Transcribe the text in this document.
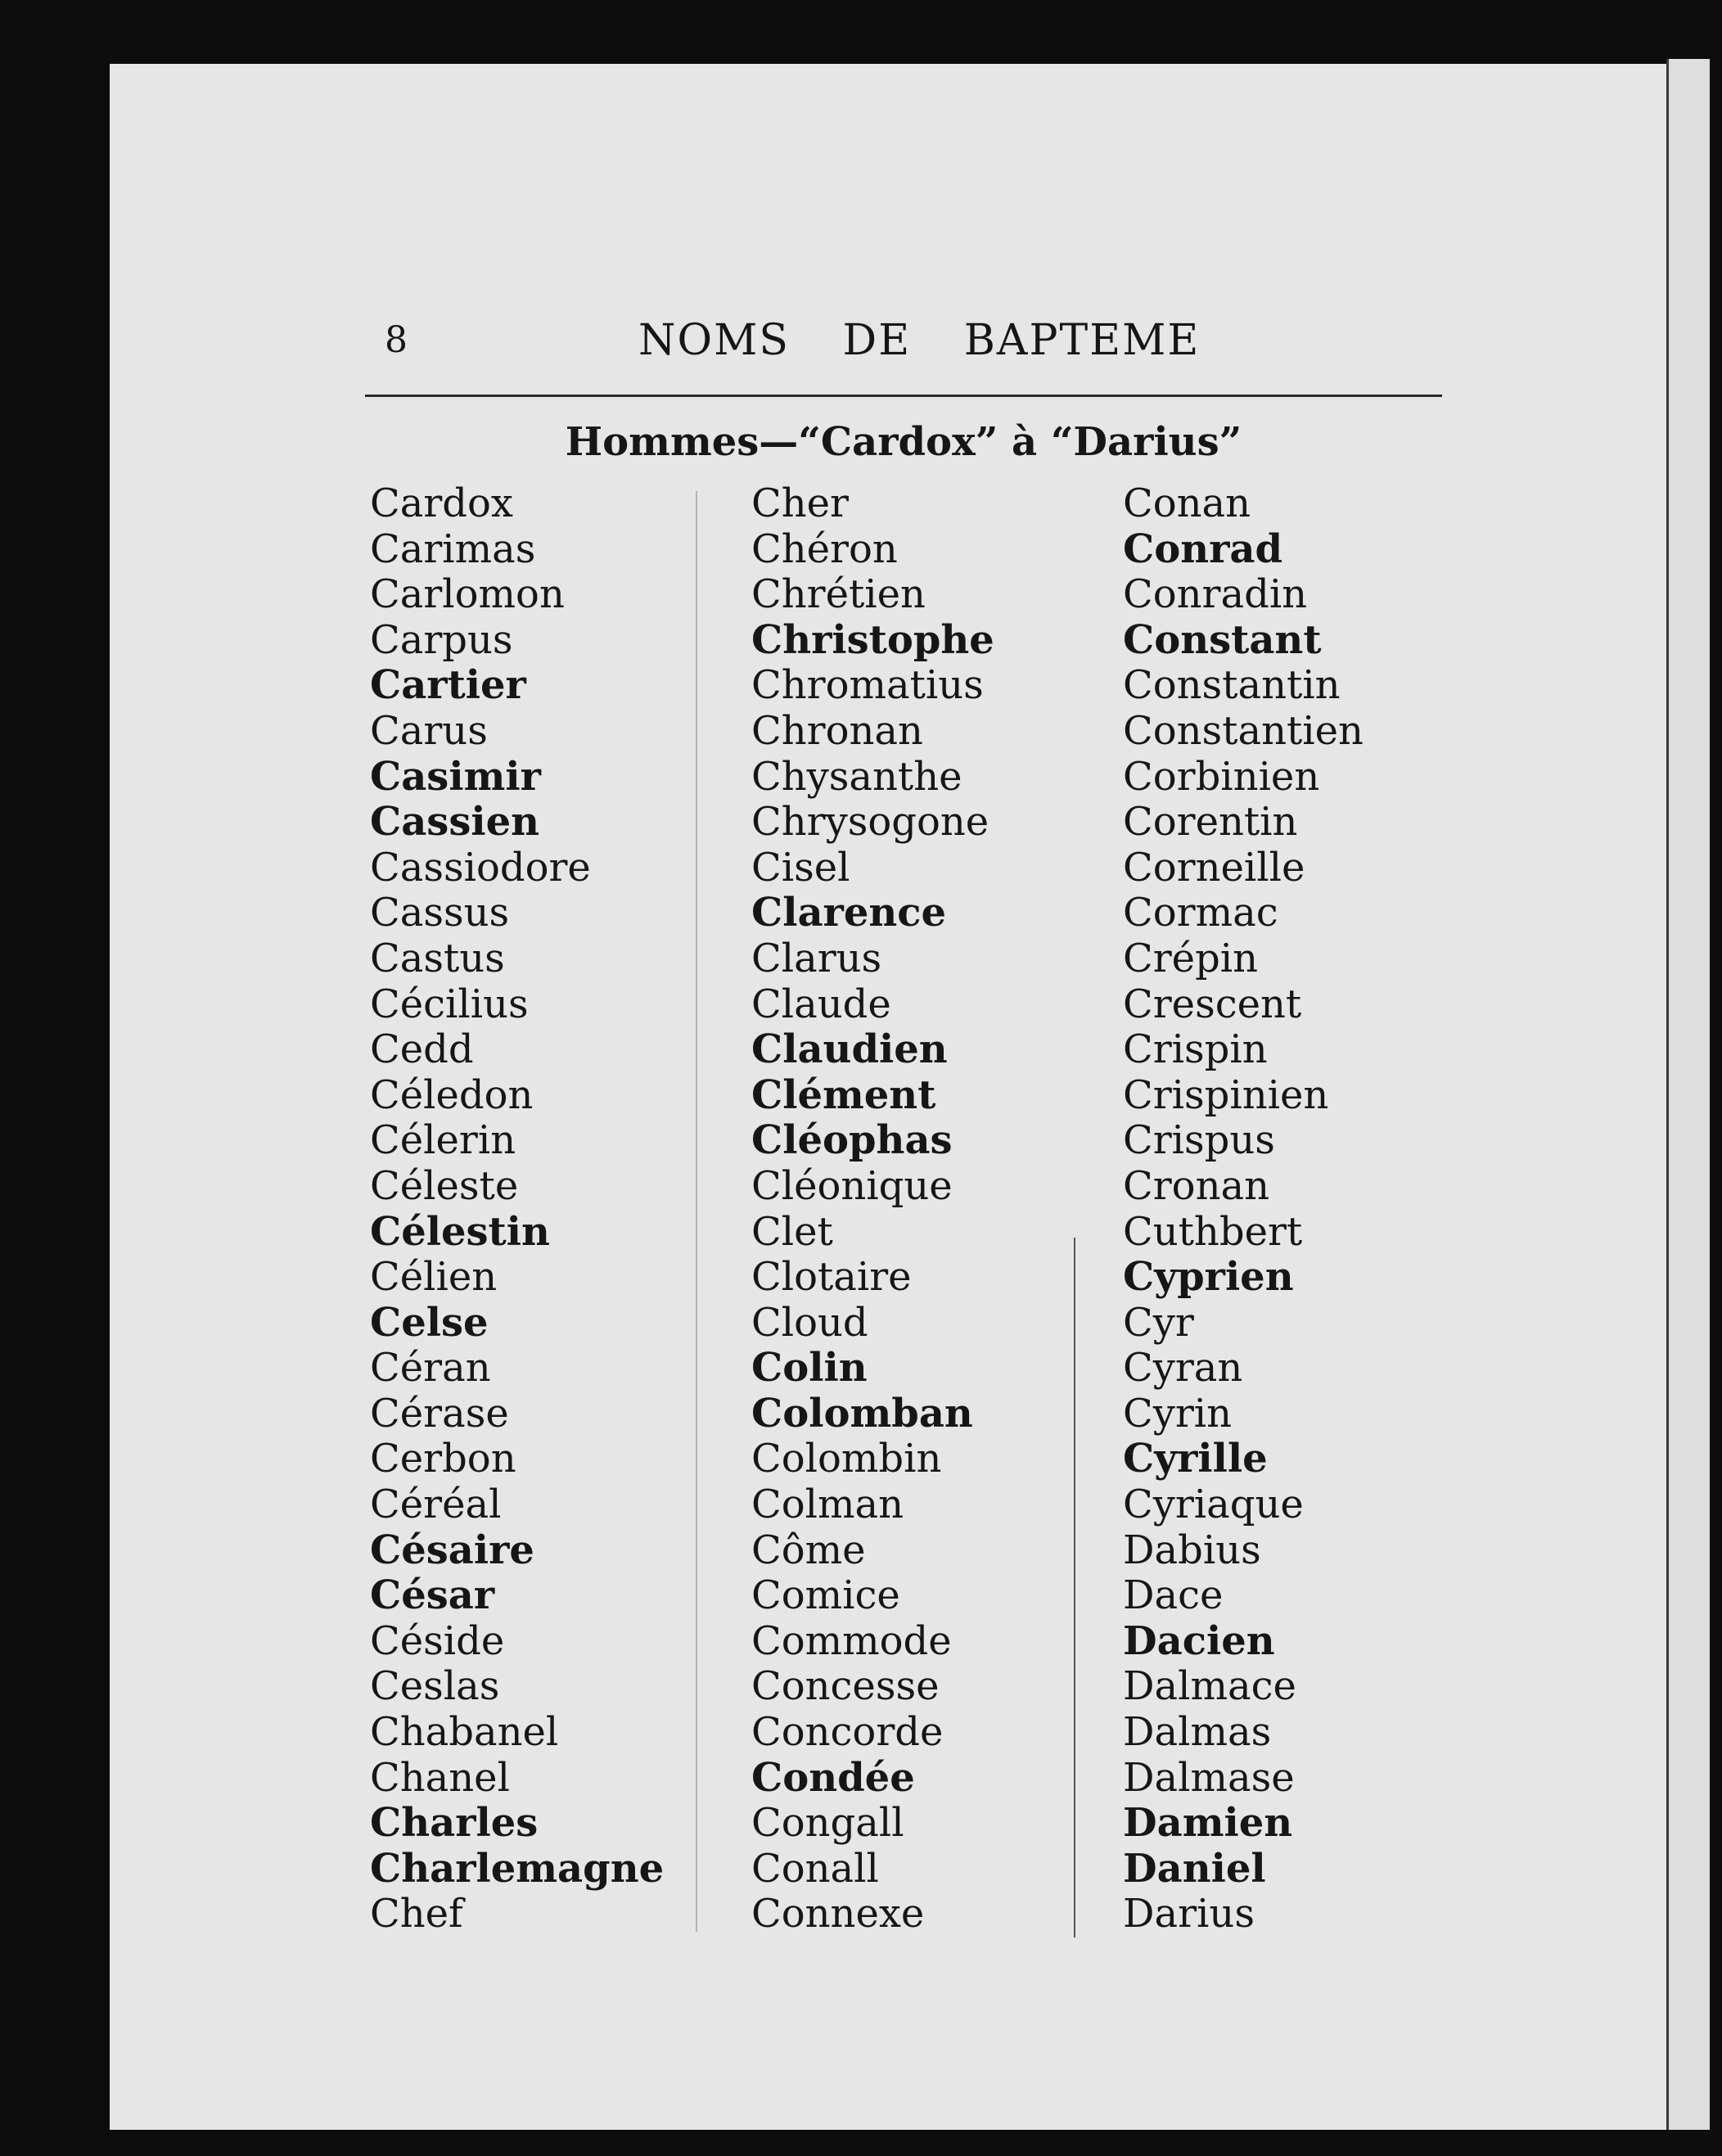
8	NOMS DE BAPTEME
Hommes—“Cardox” à “Darius”
Cardox
Carimas
Carlomon
Carpus
Cartier
Carus
Casimir
Cassien
Cassiodore
Cassus
Castus
Cécilius
Cedd
Céledon
Célerin
Céleste
Célestin
Célien
Celse
Céran
Cérase
Cerbon
Céréal
Césaire
César
Céside
Ceslas
Chabanel
Chanel
Charles
Charlemagne
Chef
Cher
Chéron
Chrétien
Christophe
Chromatius
Chronan
Chysanthe
Chrysogone
Cisel
Clarence
Clarus
Claude
Claudien
Clément
Cléophas
Cléonique
Clet
Clotaire
Cloud
Colin
Colomban
Colombin
Colman
Côme
Comice
Commode
Concesse
Concorde
Condée
Congall
Conall
Connexe
Conan
Conrad
Conradin
Constant
Constantin
Constantien
Corbinien
Corentin
Corneille
Cormac
Crépin
Crescent
Crispin
Crispinien
Crispus
Cronan
Cuthbert
Cyprien
Cyr
Cyran
Cyrin
Cyrille
Cyriaque
Dabius
Dace
Dacien
Dalmace
Dalmas
Dalmase
Damien
Daniel
Darius
